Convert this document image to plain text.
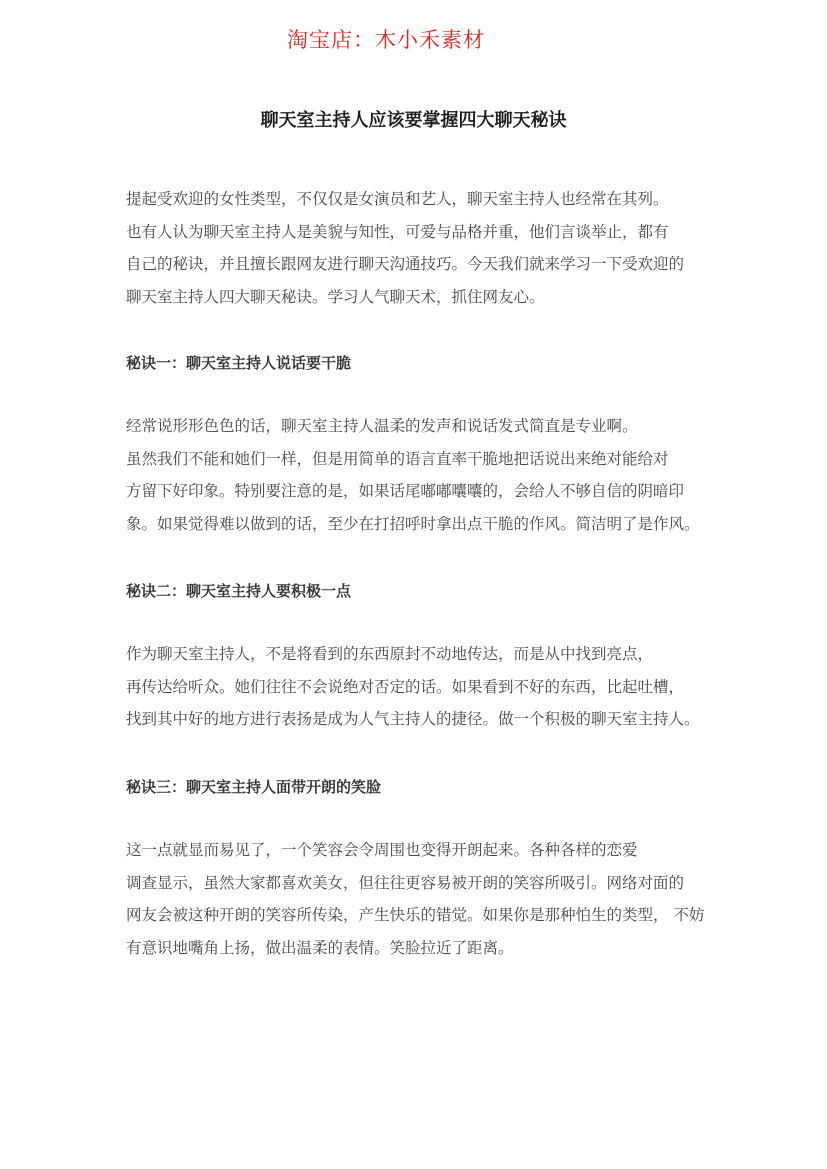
淘宝店：木小禾素材
聊天室主持人应该要掌握四大聊天秘诀
提起受欢迎的女性类型，不仅仅是女演员和艺人，聊天室主持人也经常在其列。
也有人认为聊天室主持人是美貌与知性，可爱与品格并重，他们言谈举止，都有
自己的秘诀，并且擅长跟网友进行聊天沟通技巧。今天我们就来学习一下受欢迎的
聊天室主持人四大聊天秘诀。学习人气聊天术，抓住网友心。
秘诀一：聊天室主持人说话要干脆
经常说形形色色的话，聊天室主持人温柔的发声和说话发式简直是专业啊。
虽然我们不能和她们一样，但是用简单的语言直率干脆地把话说出来绝对能给对
方留下好印象。特别要注意的是，如果话尾嘟嘟囔囔的，会给人不够自信的阴暗印
象。如果觉得难以做到的话，至少在打招呼时拿出点干脆的作风。简洁明了是作风。
秘诀二：聊天室主持人要积极一点
作为聊天室主持人，不是将看到的东西原封不动地传达，而是从中找到亮点，
再传达给听众。她们往往不会说绝对否定的话。如果看到不好的东西，比起吐槽，
找到其中好的地方进行表扬是成为人气主持人的捷径。做一个积极的聊天室主持人。
秘诀三：聊天室主持人面带开朗的笑脸
这一点就显而易见了，一个笑容会令周围也变得开朗起来。各种各样的恋爱
调查显示，虽然大家都喜欢美女，但往往更容易被开朗的笑容所吸引。网络对面的
网友会被这种开朗的笑容所传染，产生快乐的错觉。如果你是那种怕生的类型， 不妨
有意识地嘴角上扬，做出温柔的表情。笑脸拉近了距离。
